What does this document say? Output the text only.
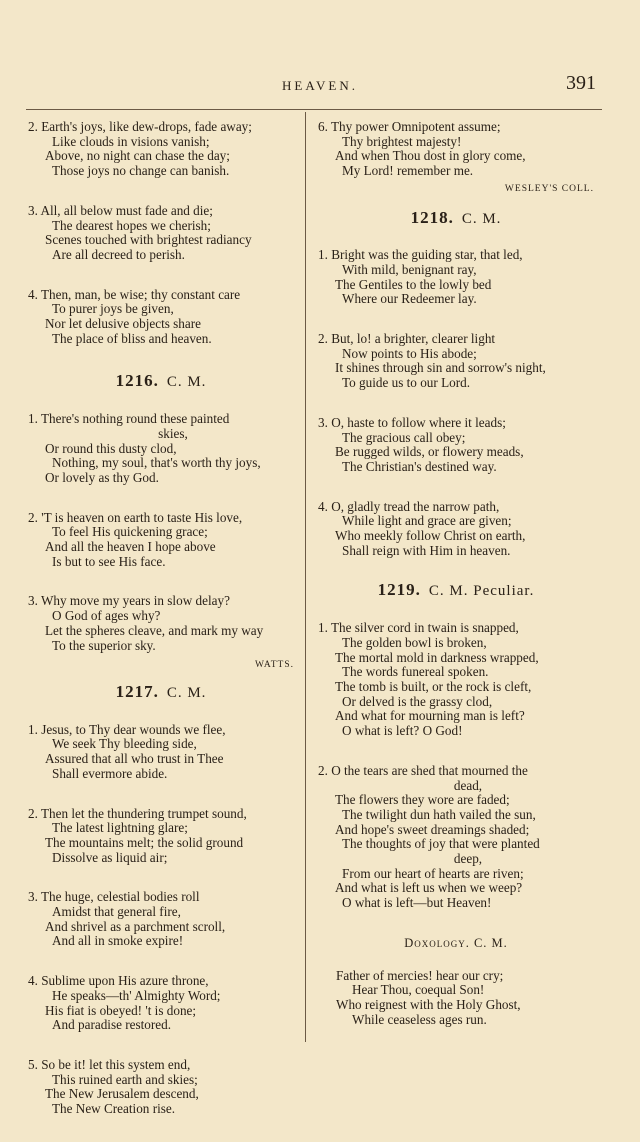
HEAVEN.	391
2. Earth's joys, like dew-drops, fade away;
Like clouds in visions vanish;
Above, no night can chase the day;
Those joys no change can banish.
3. All, all below must fade and die;
The dearest hopes we cherish;
Scenes touched with brightest radiancy
Are all decreed to perish.
4. Then, man, be wise; thy constant care
To purer joys be given,
Nor let delusive objects share
The place of bliss and heaven.
1216. C. M.
1. There's nothing round these painted
skies,
Or round this dusty clod,
Nothing, my soul, that's worth thy joys,
Or lovely as thy God.
2. 'T is heaven on earth to taste His love,
To feel His quickening grace;
And all the heaven I hope above
Is but to see His face.
3. Why move my years in slow delay?
O God of ages why?
Let the spheres cleave, and mark my way
To the superior sky.
WATTS.
1217. C. M.
1. Jesus, to Thy dear wounds we flee,
We seek Thy bleeding side,
Assured that all who trust in Thee
Shall evermore abide.
2. Then let the thundering trumpet sound,
The latest lightning glare;
The mountains melt; the solid ground
Dissolve as liquid air;
3. The huge, celestial bodies roll
Amidst that general fire,
And shrivel as a parchment scroll,
And all in smoke expire!
4. Sublime upon His azure throne,
He speaks—th' Almighty Word;
His fiat is obeyed! 't is done;
And paradise restored.
5. So be it! let this system end,
This ruined earth and skies;
The New Jerusalem descend,
The New Creation rise.
6. Thy power Omnipotent assume;
Thy brightest majesty!
And when Thou dost in glory come,
My Lord! remember me.
WESLEY'S COLL.
1218. C. M.
1. Bright was the guiding star, that led,
With mild, benignant ray,
The Gentiles to the lowly bed
Where our Redeemer lay.
2. But, lo! a brighter, clearer light
Now points to His abode;
It shines through sin and sorrow's night,
To guide us to our Lord.
3. O, haste to follow where it leads;
The gracious call obey;
Be rugged wilds, or flowery meads,
The Christian's destined way.
4. O, gladly tread the narrow path,
While light and grace are given;
Who meekly follow Christ on earth,
Shall reign with Him in heaven.
1219. C. M. Peculiar.
1. The silver cord in twain is snapped,
The golden bowl is broken,
The mortal mold in darkness wrapped,
The words funereal spoken.
The tomb is built, or the rock is cleft,
Or delved is the grassy clod,
And what for mourning man is left?
O what is left? O God!
2. O the tears are shed that mourned the
dead,
The flowers they wore are faded;
The twilight dun hath vailed the sun,
And hope's sweet dreamings shaded;
The thoughts of joy that were planted
deep,
From our heart of hearts are riven;
And what is left us when we weep?
O what is left—but Heaven!
Doxology. C. M.
Father of mercies! hear our cry;
Hear Thou, coequal Son!
Who reignest with the Holy Ghost,
While ceaseless ages run.
